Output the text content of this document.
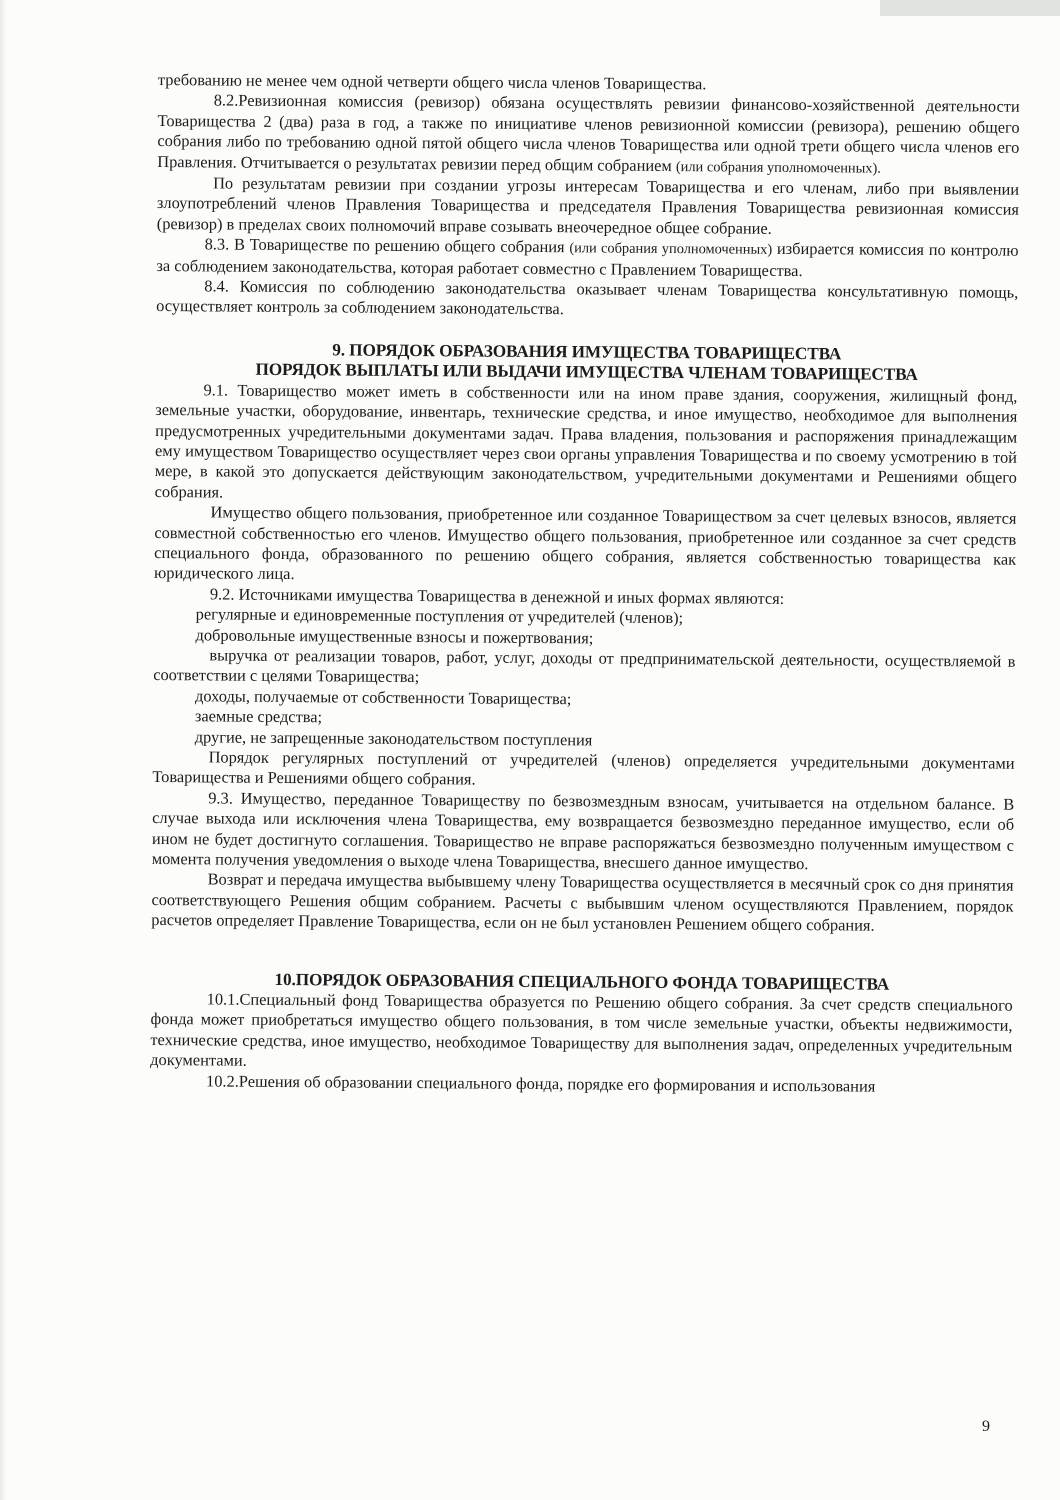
требованию не менее чем одной четверти общего числа членов Товарищества.

8.2.Ревизионная комиссия (ревизор) обязана осуществлять ревизии финансово-хозяйственной деятельности Товарищества 2 (два) раза в год, а также по инициативе членов ревизионной комиссии (ревизора), решению общего собрания либо по требованию одной пятой общего числа членов Товарищества или одной трети общего числа членов его Правления. Отчитывается о результатах ревизии перед общим собранием (или собрания уполномоченных).

По результатам ревизии при создании угрозы интересам Товарищества и его членам, либо при выявлении злоупотреблений членов Правления Товарищества и председателя Правления Товарищества ревизионная комиссия (ревизор) в пределах своих полномочий вправе созывать внеочередное общее собрание.

8.3. В Товариществе по решению общего собрания (или собрания уполномоченных) избирается комиссия по контролю за соблюдением законодательства, которая работает совместно с Правлением Товарищества.

8.4. Комиссия по соблюдению законодательства оказывает членам Товарищества консультативную помощь, осуществляет контроль за соблюдением законодательства.

9. ПОРЯДОК ОБРАЗОВАНИЯ ИМУЩЕСТВА ТОВАРИЩЕСТВА
ПОРЯДОК ВЫПЛАТЫ ИЛИ ВЫДАЧИ ИМУЩЕСТВА ЧЛЕНАМ ТОВАРИЩЕСТВА

9.1. Товарищество может иметь в собственности или на ином праве здания, сооружения, жилищный фонд, земельные участки, оборудование, инвентарь, технические средства, и иное имущество, необходимое для выполнения предусмотренных учредительными документами задач. Права владения, пользования и распоряжения принадлежащим ему имуществом Товарищество осуществляет через свои органы управления Товарищества и по своему усмотрению в той мере, в какой это допускается действующим законодательством, учредительными документами и Решениями общего собрания.

Имущество общего пользования, приобретенное или созданное Товариществом за счет целевых взносов, является совместной собственностью его членов. Имущество общего пользования, приобретенное или созданное за счет средств специального фонда, образованного по решению общего собрания, является собственностью товарищества как юридического лица.

9.2. Источниками имущества Товарищества в денежной и иных формах являются:

регулярные и единовременные поступления от учредителей (членов);

добровольные имущественные взносы и пожертвования;

выручка от реализации товаров, работ, услуг, доходы от предпринимательской деятельности, осуществляемой в соответствии с целями Товарищества;

доходы, получаемые от собственности Товарищества;

заемные средства;

другие, не запрещенные законодательством поступления

Порядок регулярных поступлений от учредителей (членов) определяется учредительными документами Товарищества и Решениями общего собрания.

9.3. Имущество, переданное Товариществу по безвозмездным взносам, учитывается на отдельном балансе. В случае выхода или исключения члена Товарищества, ему возвращается безвозмездно переданное имущество, если об ином не будет достигнуто соглашения. Товарищество не вправе распоряжаться безвозмездно полученным имуществом с момента получения уведомления о выходе члена Товарищества, внесшего данное имущество.

Возврат и передача имущества выбывшему члену Товарищества осуществляется в месячный срок со дня принятия соответствующего Решения общим собранием. Расчеты с выбывшим членом осуществляются Правлением, порядок расчетов определяет Правление Товарищества, если он не был установлен Решением общего собрания.

10.ПОРЯДОК ОБРАЗОВАНИЯ СПЕЦИАЛЬНОГО ФОНДА ТОВАРИЩЕСТВА

10.1.Специальный фонд Товарищества образуется по Решению общего собрания. За счет средств специального фонда может приобретаться имущество общего пользования, в том числе земельные участки, объекты недвижимости, технические средства, иное имущество, необходимое Товариществу для выполнения задач, определенных учредительным документами.

10.2.Решения об образовании специального фонда, порядке его формирования и использования

9
